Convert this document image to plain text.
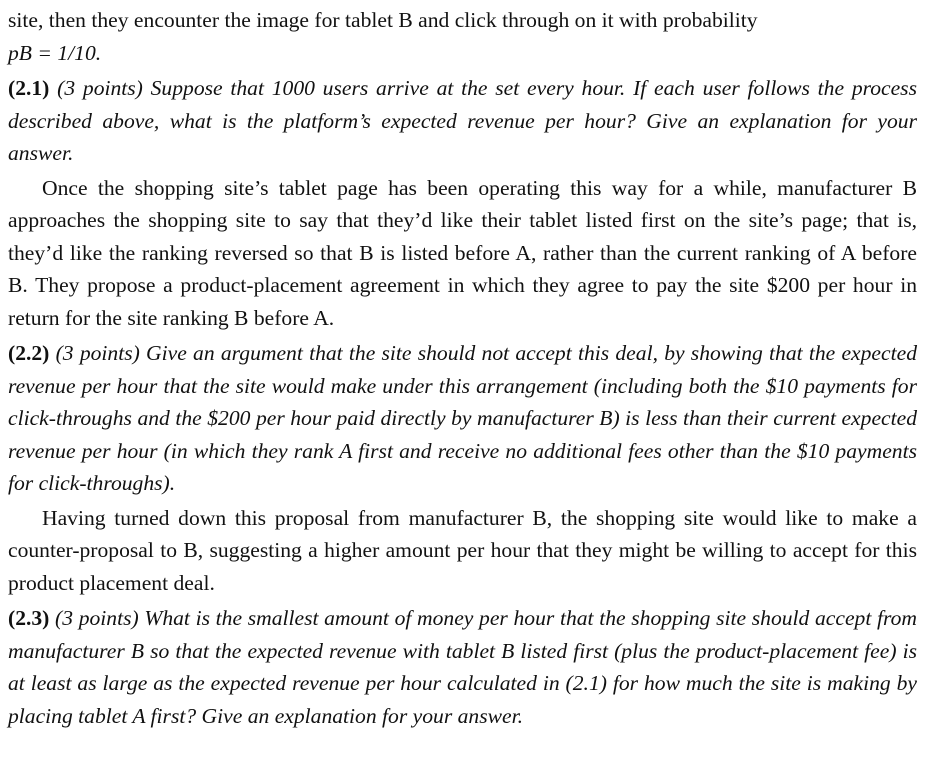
site, then they encounter the image for tablet B and click through on it with probability

pB = 1/10.

(2.1) (3 points) Suppose that 1000 users arrive at the set every hour. If each user follows the process described above, what is the platform’s expected revenue per hour? Give an explanation for your answer.

Once the shopping site’s tablet page has been operating this way for a while, manufacturer B approaches the shopping site to say that they’d like their tablet listed first on the site’s page; that is, they’d like the ranking reversed so that B is listed before A, rather than the current ranking of A before B. They propose a product-placement agreement in which they agree to pay the site $200 per hour in return for the site ranking B before A.

(2.2) (3 points) Give an argument that the site should not accept this deal, by showing that the expected revenue per hour that the site would make under this arrangement (including both the $10 payments for click-throughs and the $200 per hour paid directly by manufacturer B) is less than their current expected revenue per hour (in which they rank A first and receive no additional fees other than the $10 payments for click-throughs).

Having turned down this proposal from manufacturer B, the shopping site would like to make a counter-proposal to B, suggesting a higher amount per hour that they might be willing to accept for this product placement deal.

(2.3) (3 points) What is the smallest amount of money per hour that the shopping site should accept from manufacturer B so that the expected revenue with tablet B listed first (plus the product-placement fee) is at least as large as the expected revenue per hour calculated in (2.1) for how much the site is making by placing tablet A first? Give an explanation for your answer.
